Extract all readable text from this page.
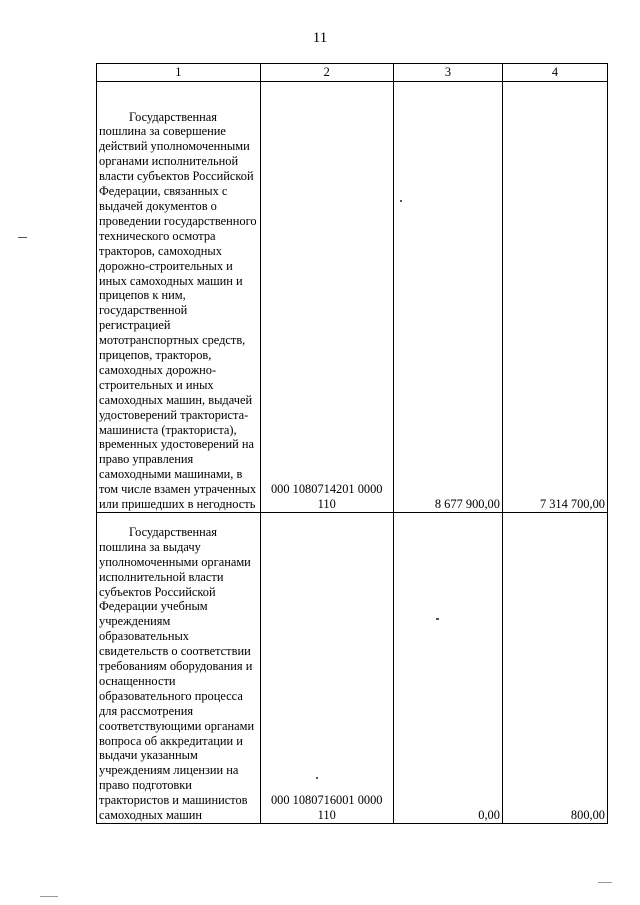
11
1	2	3	4

Государственная пошлина за совершение действий уполномоченными органами исполнительной власти субъектов Российской Федерации, связанных с выдачей документов о проведении государственного технического осмотра тракторов, самоходных дорожно-строительных и иных самоходных машин и прицепов к ним, государственной регистрацией мототранспортных средств, прицепов, тракторов, самоходных дорожно-строительных и иных самоходных машин, выдачей удостоверений тракториста-машиниста (тракториста), временных удостоверений на право управления самоходными машинами, в том числе взамен утраченных или пришедших в негодность	000 1080714201 0000 110	8 677 900,00	7 314 700,00

Государственная пошлина за выдачу уполномоченными органами исполнительной власти субъектов Российской Федерации учебным учреждениям образовательных свидетельств о соответствии требованиям оборудования и оснащенности образовательного процесса для рассмотрения соответствующими органами вопроса об аккредитации и выдачи указанным учреждениям лицензии на право подготовки трактористов и машинистов самоходных машин	000 1080716001 0000 110	0,00	800,00
